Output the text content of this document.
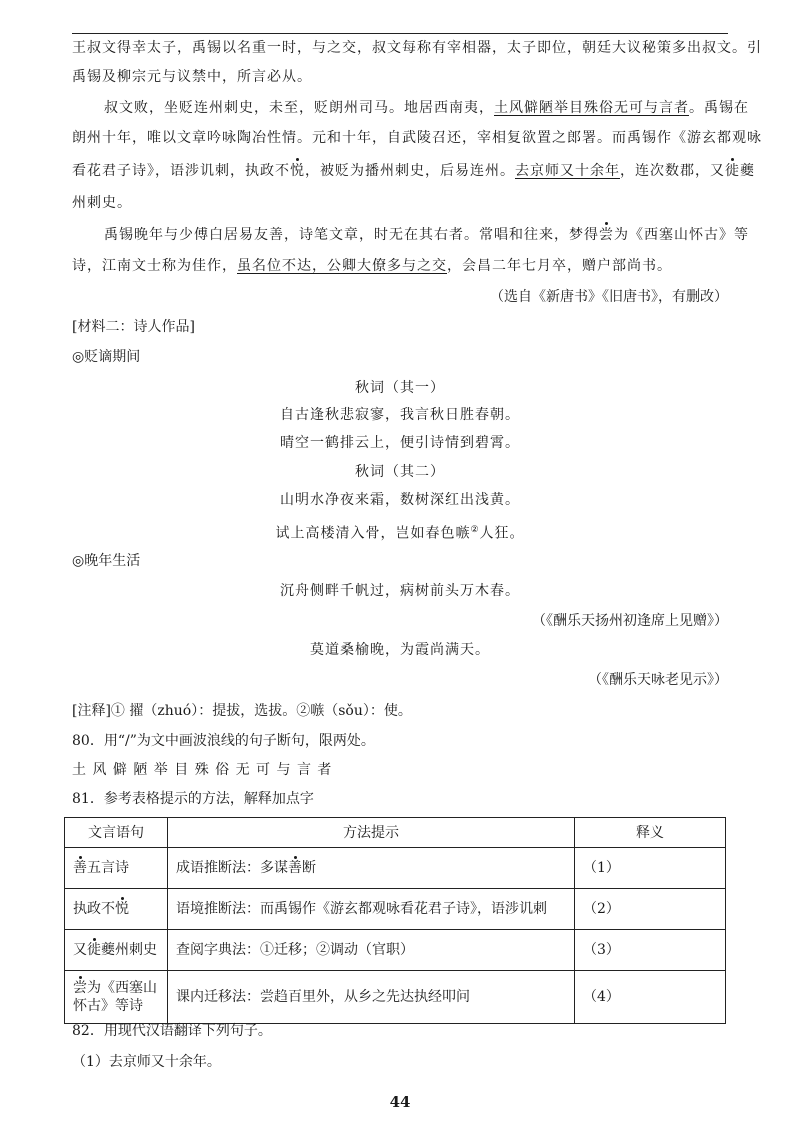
王叔文得幸太子，禹锡以名重一时，与之交，叔文每称有宰相器，太子即位，朝廷大议秘策多出叔文。引
禹锡及柳宗元与议禁中，所言必从。
叔文败，坐贬连州刺史，未至，贬朗州司马。地居西南夷，土风僻陋举目殊俗无可与言者。禹锡在
朗州十年，唯以文章吟咏陶冶性情。元和十年，自武陵召还，宰相复欲置之郎署。而禹锡作《游玄都观咏
看花君子诗》，语涉讥刺，执政不悦，被贬为播州刺史，后易连州。去京师又十余年，连次数郡，又徙夔
州刺史。
禹锡晚年与少傅白居易友善，诗笔文章，时无在其右者。常唱和往来，梦得尝为《西塞山怀古》等
诗，江南文士称为佳作，虽名位不达，公卿大僚多与之交，会昌二年七月卒，赠户部尚书。
（选自《新唐书》《旧唐书》，有删改）
[材料二：诗人作品]
◎贬谪期间
秋词（其一）
自古逢秋悲寂寥，我言秋日胜春朝。
晴空一鹤排云上，便引诗情到碧霄。
秋词（其二）
山明水净夜来霜，数树深红出浅黄。
试上高楼清入骨，岂如春色嗾②人狂。
◎晚年生活
沉舟侧畔千帆过，病树前头万木春。
（《酬乐天扬州初逢席上见赠》）
莫道桑榆晚，为霞尚满天。
（《酬乐天咏老见示》）
[注释]① 擢（zhuó）：提拔，选拔。②嗾（sǒu）：使。
80．用“/”为文中画波浪线的句子断句，限两处。
土 风 僻 陋 举 目 殊 俗 无 可 与 言 者
81．参考表格提示的方法，解释加点字
文言语句	方法提示	释义
善五言诗	成语推断法：多谋善断	（1）
执政不悦	语境推断法：而禹锡作《游玄都观咏看花君子诗》，语涉讥刺	（2）
又徙夔州刺史	查阅字典法：①迁移；②调动（官职）	（3）
尝为《西塞山
怀古》等诗	课内迁移法：尝趋百里外，从乡之先达执经叩问	（4）
82．用现代汉语翻译下列句子。
（1）去京师又十余年。
44
